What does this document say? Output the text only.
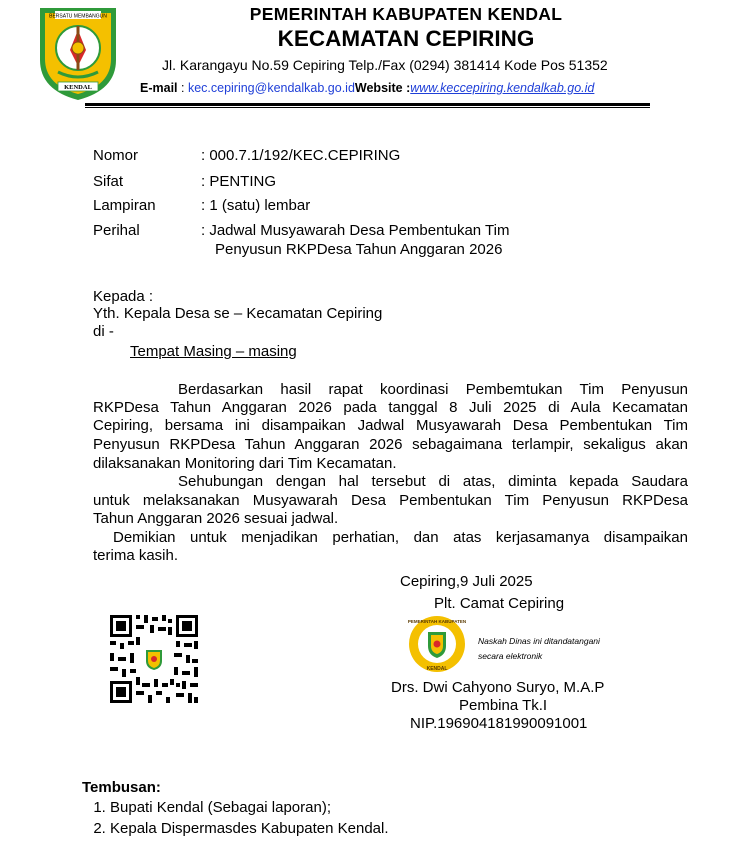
BERSATU MEMBANGUN
KENDAL
PEMERINTAH KABUPATEN KENDAL
KECAMATAN CEPIRING
Jl. Karangayu No.59 Cepiring Telp./Fax (0294) 381414 Kode Pos 51352
E-mail : kec.cepiring@kendalkab.go.idWebsite :www.keccepiring.kendalkab.go.id
Nomor	: 000.7.1/192/KEC.CEPIRING
Sifat	: PENTING
Lampiran	: 1 (satu) lembar
Perihal	: Jadwal Musyawarah Desa Pembentukan Tim
Penyusun RKPDesa Tahun Anggaran 2026
Kepada :
Yth. Kepala Desa se – Kecamatan Cepiring
di -
Tempat Masing – masing
Berdasarkan hasil rapat koordinasi Pembemtukan Tim Penyusun
RKPDesa Tahun Anggaran 2026 pada tanggal 8 Juli 2025 di Aula Kecamatan
Cepiring, bersama ini disampaikan Jadwal Musyawarah Desa Pembentukan Tim
Penyusun RKPDesa Tahun Anggaran 2026 sebagaimana terlampir, sekaligus akan
dilaksanakan Monitoring dari Tim Kecamatan.
Sehubungan dengan hal tersebut di atas, diminta kepada Saudara
untuk melaksanakan Musyawarah Desa Pembentukan Tim Penyusun RKPDesa
Tahun Anggaran 2026 sesuai jadwal.
Demikian untuk menjadikan perhatian, dan atas kerjasamanya disampaikan
terima kasih.
Cepiring,9 Juli 2025
Plt. Camat Cepiring
PEMERINTAH KABUPATEN
KENDAL
Naskah Dinas ini ditandatangani
secara elektronik
Drs. Dwi Cahyono Suryo, M.A.P
Pembina Tk.I
NIP.196904181990091001
Tembusan:
1. Bupati Kendal (Sebagai laporan);
2. Kepala Dispermasdes Kabupaten Kendal.
